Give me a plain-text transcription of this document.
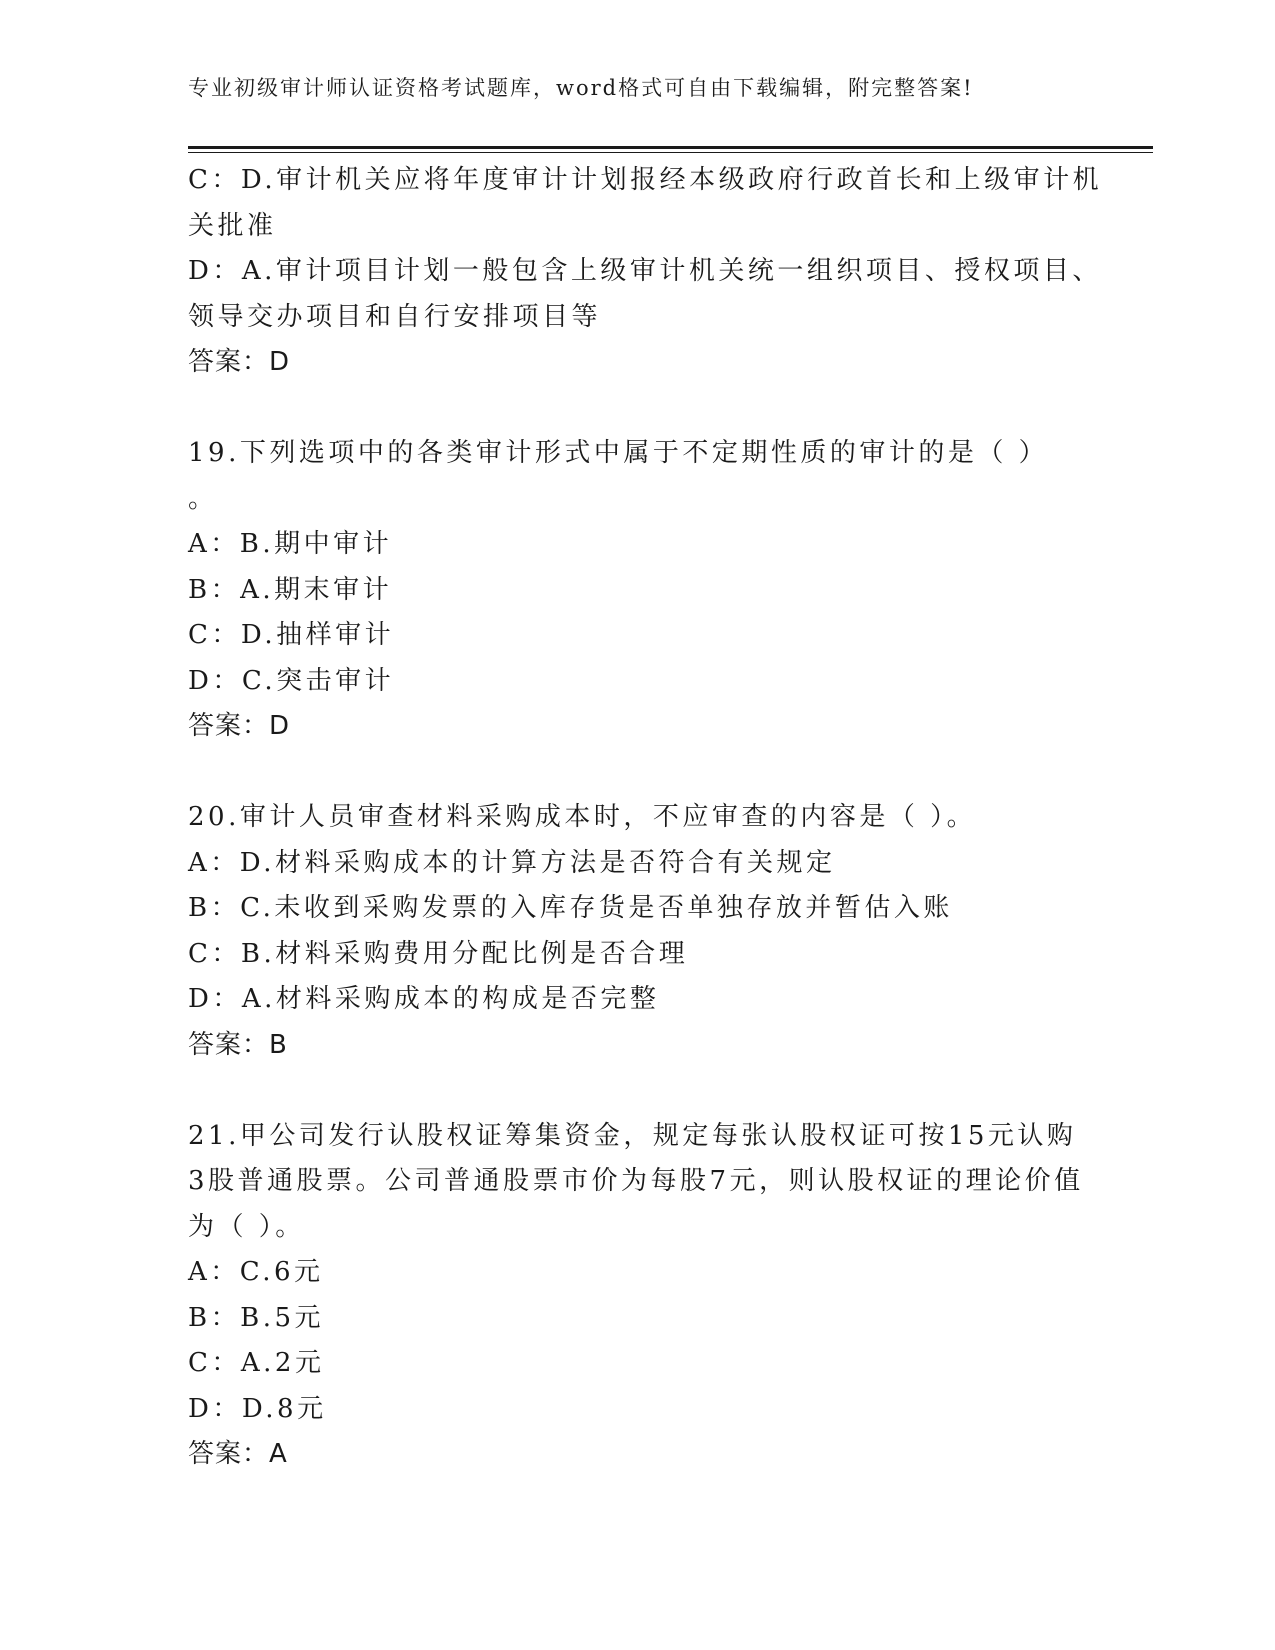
专业初级审计师认证资格考试题库，word格式可自由下载编辑，附完整答案!
C：D.审计机关应将年度审计计划报经本级政府行政首长和上级审计机
关批准
D：A.审计项目计划一般包含上级审计机关统一组织项目、授权项目、
领导交办项目和自行安排项目等
答案：D
19.下列选项中的各类审计形式中属于不定期性质的审计的是（ ）
。
A：B.期中审计
B：A.期末审计
C：D.抽样审计
D：C.突击审计
答案：D
20.审计人员审查材料采购成本时，不应审查的内容是（ ）。
A：D.材料采购成本的计算方法是否符合有关规定
B：C.未收到采购发票的入库存货是否单独存放并暂估入账
C：B.材料采购费用分配比例是否合理
D：A.材料采购成本的构成是否完整
答案：B
21.甲公司发行认股权证筹集资金，规定每张认股权证可按15元认购
3股普通股票。公司普通股票市价为每股7元，则认股权证的理论价值
为（ ）。
A：C.6元
B：B.5元
C：A.2元
D：D.8元
答案：A
